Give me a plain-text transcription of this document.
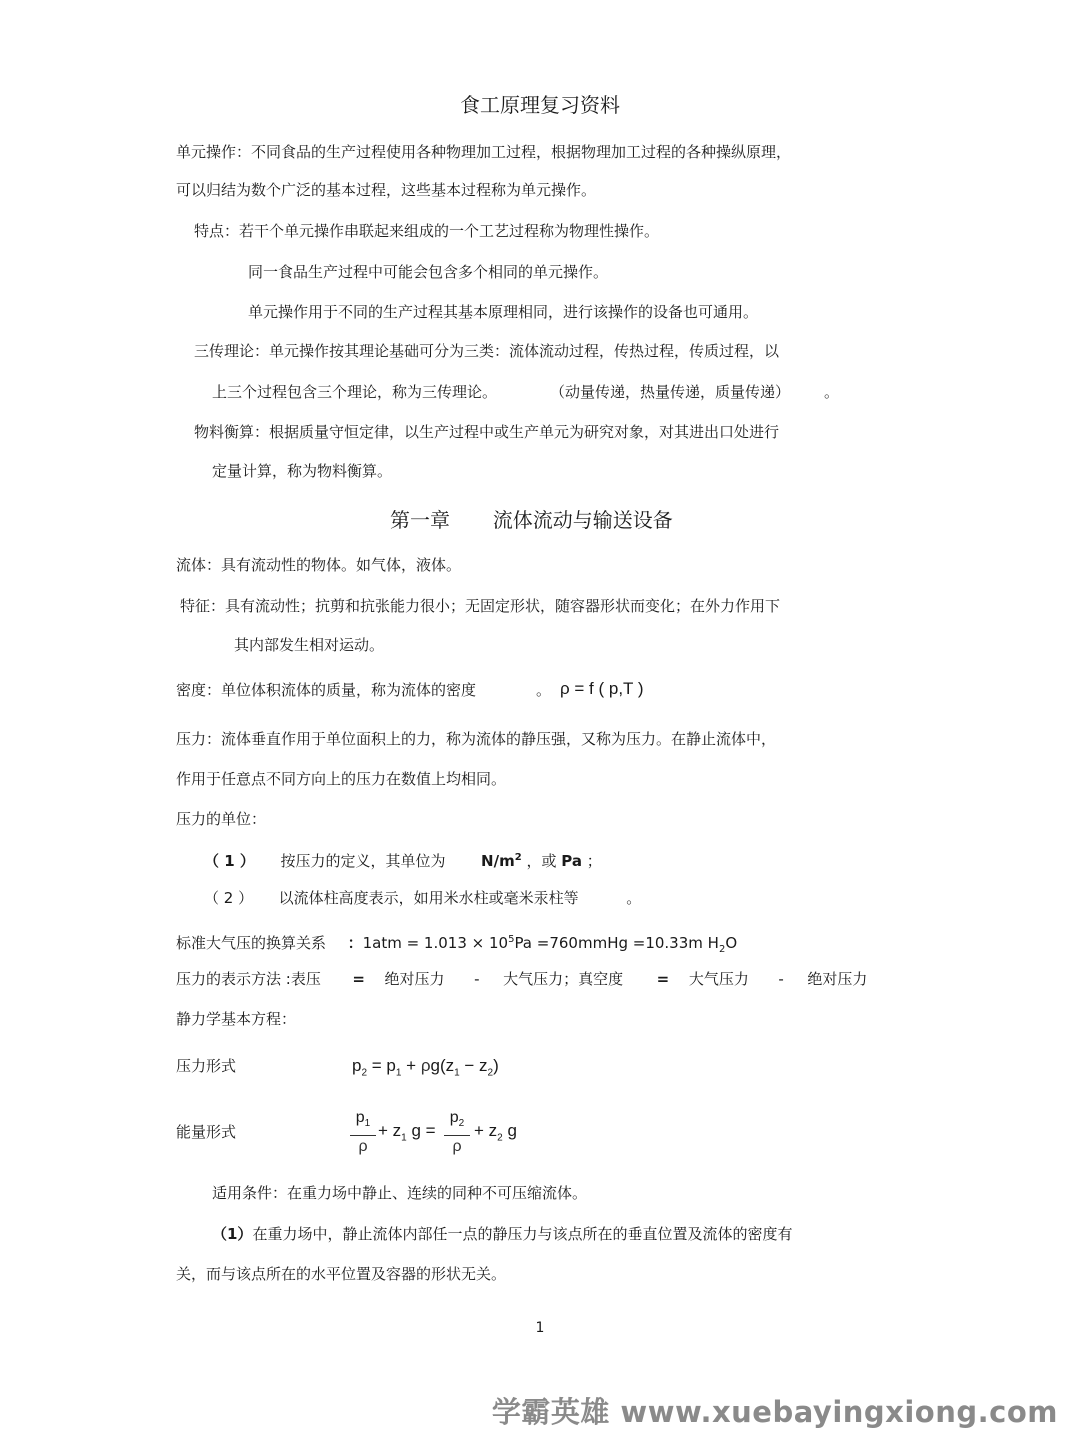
食工原理复习资料
单元操作：不同食品的生产过程使用各种物理加工过程，根据物理加工过程的各种操纵原理，
可以归结为数个广泛的基本过程，这些基本过程称为单元操作。
特点：若干个单元操作串联起来组成的一个工艺过程称为物理性操作。
同一食品生产过程中可能会包含多个相同的单元操作。
单元操作用于不同的生产过程其基本原理相同，进行该操作的设备也可通用。
三传理论：单元操作按其理论基础可分为三类：流体流动过程，传热过程，传质过程，以
上三个过程包含三个理论，称为三传理论。	（动量传递，热量传递，质量传递） 。
物料衡算：根据质量守恒定律，以生产过程中或生产单元为研究对象，对其进出口处进行
定量计算，称为物料衡算。
第一章 流体流动与输送设备
流体：具有流动性的物体。如气体，液体。
特征：具有流动性；抗剪和抗张能力很小；无固定形状，随容器形状而变化；在外力作用下
其内部发生相对运动。
密度：单位体积流体的质量，称为流体的密度	。 ρ = f ( p,T )
压力：流体垂直作用于单位面积上的力，称为流体的静压强，又称为压力。在静止流体中，
作用于任意点不同方向上的压力在数值上均相同。
压力的单位：
（ 1 ） 按压力的定义，其单位为 $N/m^2$ ，或 Pa ；
（ 2 ） 以流体柱高度表示，如用米水柱或毫米汞柱等	。
标准大气压的换算关系 ：$1atm = 1.013 \times 10^5Pa$ =760mmHg =10.33m $H_2O$
压力的表示方法 :表压 = 绝对压力 - 大气压力；真空度 = 大气压力 - 绝对压力
静力学基本方程：
压力形式	$p_2 = p_1 + \rho g(z_1 - z_2)$
能量形式
$p_1$
ρ
+ $z_1$ g =
$p_2$
ρ
+ $z_2$ g
适用条件：在重力场中静止、连续的同种不可压缩流体。
（1）在重力场中，静止流体内部任一点的静压力与该点所在的垂直位置及流体的密度有
关，而与该点所在的水平位置及容器的形状无关。
1
学霸英雄 www.xuebayingxiong.com
